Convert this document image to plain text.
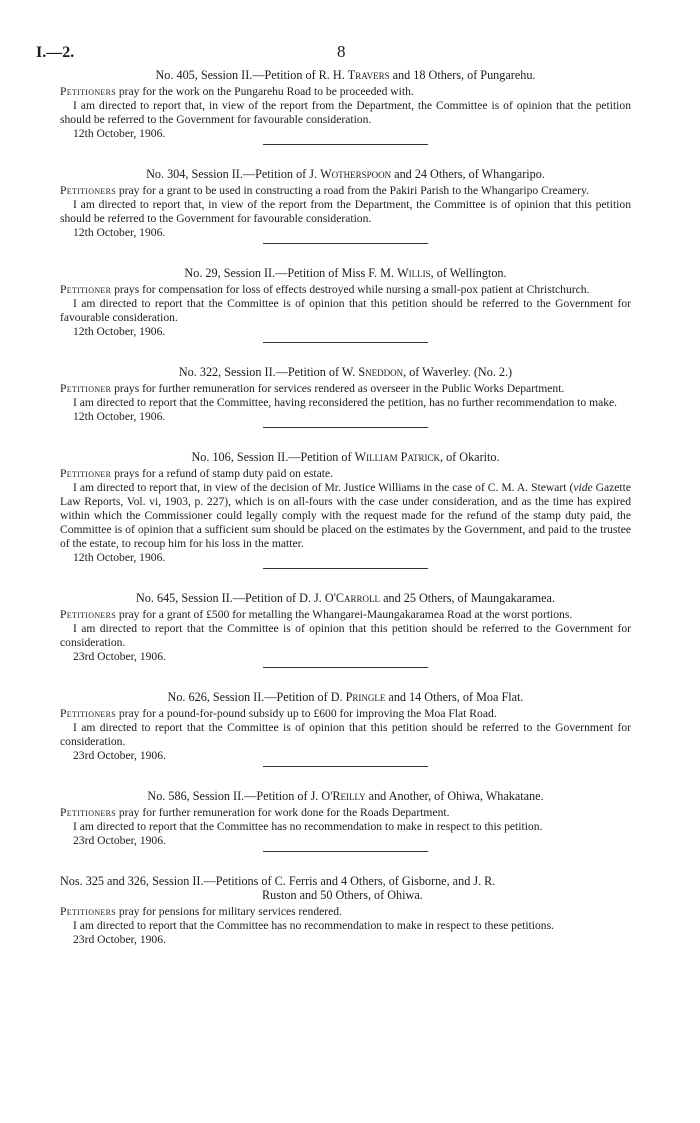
I.—2.	8

No. 405, Session II.—Petition of R. H. Travers and 18 Others, of Pungarehu.

Petitioners pray for the work on the Pungarehu Road to be proceeded with.

I am directed to report that, in view of the report from the Department, the Committee is of opinion that the petition should be referred to the Government for favourable consideration.

12th October, 1906.

No. 304, Session II.—Petition of J. Wotherspoon and 24 Others, of Whangaripo.

Petitioners pray for a grant to be used in constructing a road from the Pakiri Parish to the Whangaripo Creamery.

I am directed to report that, in view of the report from the Department, the Committee is of opinion that this petition should be referred to the Government for favourable consideration.

12th October, 1906.

No. 29, Session II.—Petition of Miss F. M. Willis, of Wellington.

Petitioner prays for compensation for loss of effects destroyed while nursing a small-pox patient at Christchurch.

I am directed to report that the Committee is of opinion that this petition should be referred to the Government for favourable consideration.

12th October, 1906.

No. 322, Session II.—Petition of W. Sneddon, of Waverley. (No. 2.)

Petitioner prays for further remuneration for services rendered as overseer in the Public Works Department.

I am directed to report that the Committee, having reconsidered the petition, has no further recommendation to make.

12th October, 1906.

No. 106, Session II.—Petition of William Patrick, of Okarito.

Petitioner prays for a refund of stamp duty paid on estate.

I am directed to report that, in view of the decision of Mr. Justice Williams in the case of C. M. A. Stewart (vide Gazette Law Reports, Vol. vi, 1903, p. 227), which is on all-fours with the case under consideration, and as the time has expired within which the Commissioner could legally comply with the request made for the refund of the stamp duty paid, the Committee is of opinion that a sufficient sum should be placed on the estimates by the Government, and paid to the trustee of the estate, to recoup him for his loss in the matter.

12th October, 1906.

No. 645, Session II.—Petition of D. J. O'Carroll and 25 Others, of Maungakaramea.

Petitioners pray for a grant of £500 for metalling the Whangarei-Maungakaramea Road at the worst portions.

I am directed to report that the Committee is of opinion that this petition should be referred to the Government for consideration.

23rd October, 1906.

No. 626, Session II.—Petition of D. Pringle and 14 Others, of Moa Flat.

Petitioners pray for a pound-for-pound subsidy up to £600 for improving the Moa Flat Road.

I am directed to report that the Committee is of opinion that this petition should be referred to the Government for consideration.

23rd October, 1906.

No. 586, Session II.—Petition of J. O'Reilly and Another, of Ohiwa, Whakatane.

Petitioners pray for further remuneration for work done for the Roads Department.

I am directed to report that the Committee has no recommendation to make in respect to this petition.

23rd October, 1906.

Nos. 325 and 326, Session II.—Petitions of C. Ferris and 4 Others, of Gisborne, and J. R.
Ruston and 50 Others, of Ohiwa.

Petitioners pray for pensions for military services rendered.

I am directed to report that the Committee has no recommendation to make in respect to these petitions.

23rd October, 1906.
